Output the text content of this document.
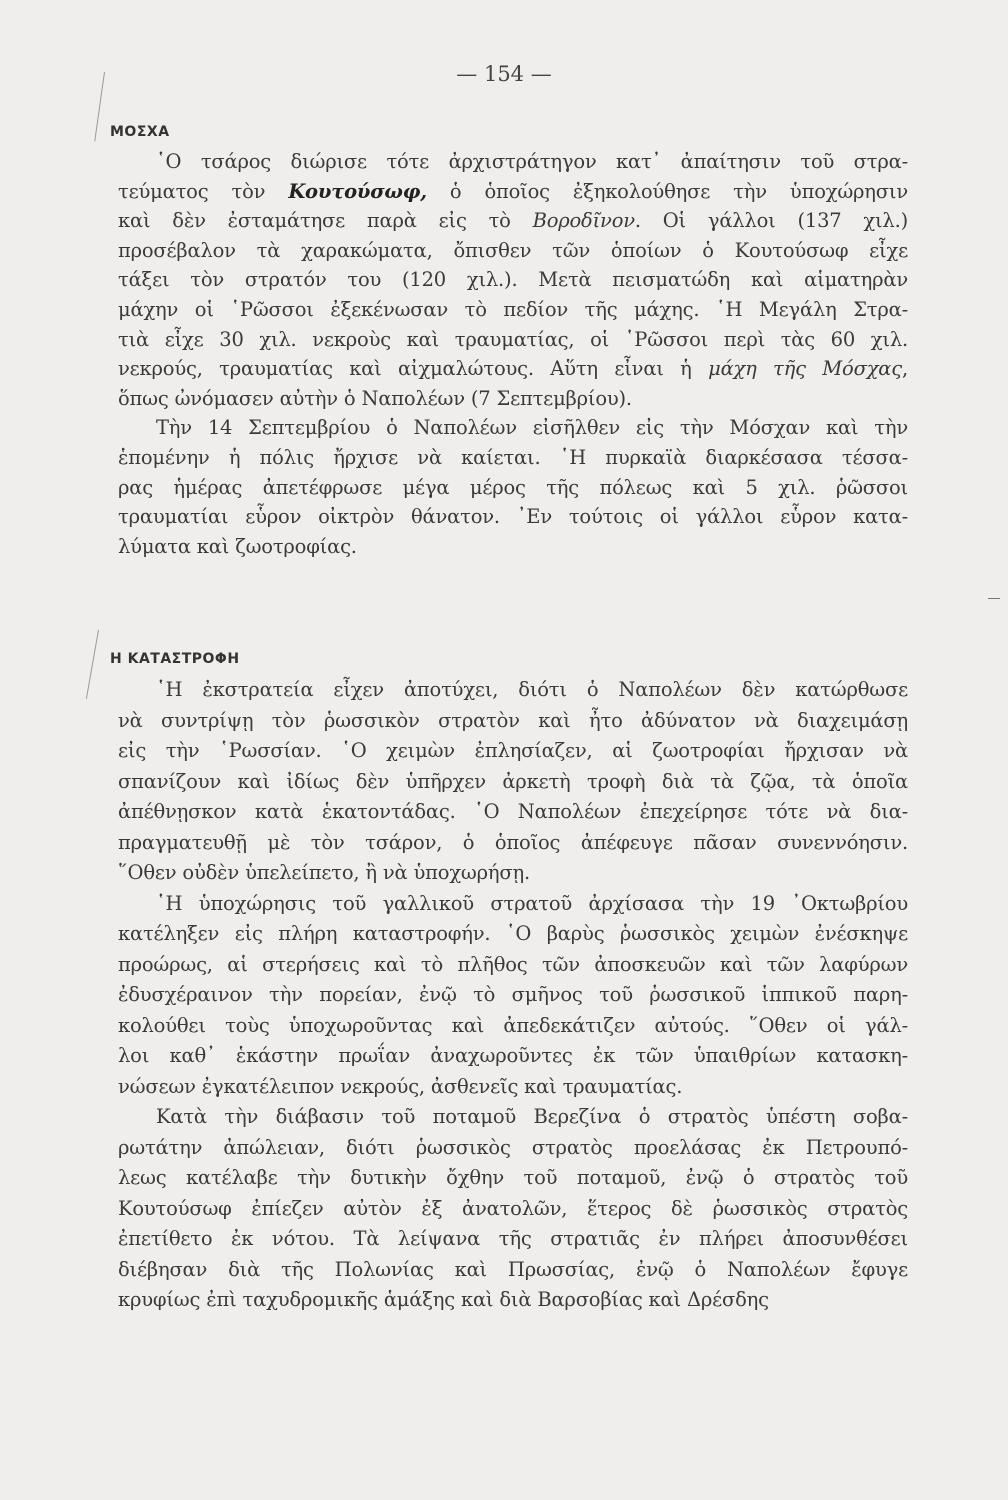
— 154 —
ΜΟΣΧΑ
῾Ο τσάρος διώρισε τότε ἀρχιστράτηγον κατ᾽ ἀπαίτησιν τοῦ στρα-
τεύματος τὸν Κουτούσωφ, ὁ ὁποῖος ἐξηκολούθησε τὴν ὑποχώρησιν
καὶ δὲν ἐσταμάτησε παρὰ εἰς τὸ Βοροδῖνον. Οἱ γάλλοι (137 χιλ.)
προσέβαλον τὰ χαρακώματα, ὄπισθεν τῶν ὁποίων ὁ Κουτούσωφ εἶχε
τάξει τὸν στρατόν του (120 χιλ.). Μετὰ πεισματώδη καὶ αἱματηρὰν
μάχην οἱ ῾Ρῶσσοι ἐξεκένωσαν τὸ πεδίον τῆς μάχης. ῾Η Μεγάλη Στρα-
τιὰ εἶχε 30 χιλ. νεκροὺς καὶ τραυματίας, οἱ ῾Ρῶσσοι περὶ τὰς 60 χιλ.
νεκρούς, τραυματίας καὶ αἰχμαλώτους. Αὕτη εἶναι ἡ μάχη τῆς Μόσχας,
ὅπως ὠνόμασεν αὐτὴν ὁ Ναπολέων (7 Σεπτεμβρίου).
Τὴν 14 Σεπτεμβρίου ὁ Ναπολέων εἰσῆλθεν εἰς τὴν Μόσχαν καὶ τὴν
ἑπομένην ἡ πόλις ἤρχισε νὰ καίεται. ῾Η πυρκαϊὰ διαρκέσασα τέσσα-
ρας ἡμέρας ἀπετέφρωσε μέγα μέρος τῆς πόλεως καὶ 5 χιλ. ῥῶσσοι
τραυματίαι εὗρον οἰκτρὸν θάνατον. ᾿Εν τούτοις οἱ γάλλοι εὗρον κατα-
λύματα καὶ ζωοτροφίας.
Η ΚΑΤΑΣΤΡΟΦΗ
῾Η ἐκστρατεία εἶχεν ἀποτύχει, διότι ὁ Ναπολέων δὲν κατώρθωσε
νὰ συντρίψῃ τὸν ῥωσσικὸν στρατὸν καὶ ἦτο ἀδύνατον νὰ διαχειμάσῃ
εἰς τὴν ῾Ρωσσίαν. ῾Ο χειμὼν ἐπλησίαζεν, αἱ ζωοτροφίαι ἤρχισαν νὰ
σπανίζουν καὶ ἰδίως δὲν ὑπῆρχεν ἀρκετὴ τροφὴ διὰ τὰ ζῷα, τὰ ὁποῖα
ἀπέθνῃσκον κατὰ ἑκατοντάδας. ῾Ο Ναπολέων ἐπεχείρησε τότε νὰ δια-
πραγματευθῇ μὲ τὸν τσάρον, ὁ ὁποῖος ἀπέφευγε πᾶσαν συνεννόησιν.
῞Οθεν οὐδὲν ὑπελείπετο, ἢ νὰ ὑποχωρήσῃ.
῾Η ὑποχώρησις τοῦ γαλλικοῦ στρατοῦ ἀρχίσασα τὴν 19 ᾿Οκτωβρίου
κατέληξεν εἰς πλήρη καταστροφήν. ῾Ο βαρὺς ῥωσσικὸς χειμὼν ἐνέσκηψε
προώρως, αἱ στερήσεις καὶ τὸ πλῆθος τῶν ἀποσκευῶν καὶ τῶν λαφύρων
ἐδυσχέραινον τὴν πορείαν, ἐνῷ τὸ σμῆνος τοῦ ῥωσσικοῦ ἱππικοῦ παρη-
κολούθει τοὺς ὑποχωροῦντας καὶ ἀπεδεκάτιζεν αὐτούς. ῞Οθεν οἱ γάλ-
λοι καθ᾽ ἑκάστην πρωΐαν ἀναχωροῦντες ἐκ τῶν ὑπαιθρίων κατασκη-
νώσεων ἐγκατέλειπον νεκρούς, ἀσθενεῖς καὶ τραυματίας.
Κατὰ τὴν διάβασιν τοῦ ποταμοῦ Βερεζίνα ὁ στρατὸς ὑπέστη σοβα-
ρωτάτην ἀπώλειαν, διότι ῥωσσικὸς στρατὸς προελάσας ἐκ Πετρουπό-
λεως κατέλαβε τὴν δυτικὴν ὄχθην τοῦ ποταμοῦ, ἐνῷ ὁ στρατὸς τοῦ
Κουτούσωφ ἐπίεζεν αὐτὸν ἐξ ἀνατολῶν, ἕτερος δὲ ῥωσσικὸς στρατὸς
ἐπετίθετο ἐκ νότου. Τὰ λείψανα τῆς στρατιᾶς ἐν πλήρει ἀποσυνθέσει
διέβησαν διὰ τῆς Πολωνίας καὶ Πρωσσίας, ἐνῷ ὁ Ναπολέων ἔφυγε
κρυφίως ἐπὶ ταχυδρομικῆς ἁμάξης καὶ διὰ Βαρσοβίας καὶ Δρέσδης
